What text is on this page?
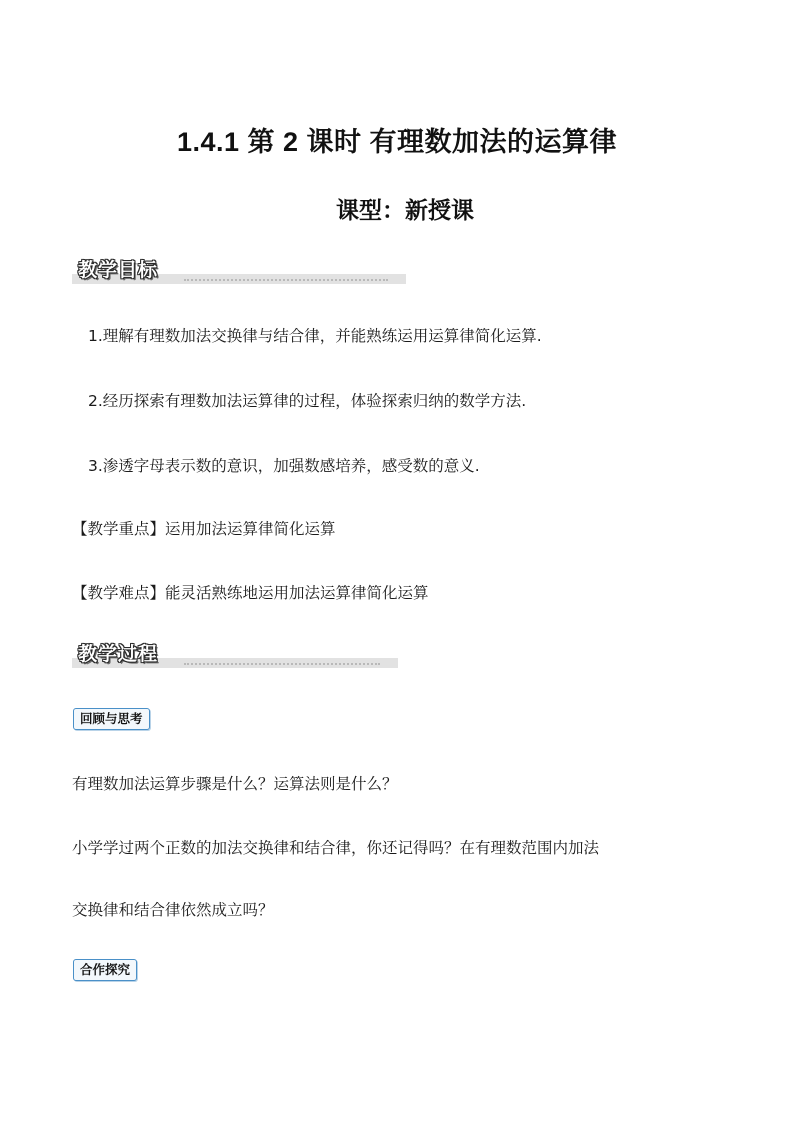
1.4.1 第 2 课时 有理数加法的运算律
课型：新授课
教学目标
1.理解有理数加法交换律与结合律，并能熟练运用运算律简化运算.
2.经历探索有理数加法运算律的过程，体验探索归纳的数学方法.
3.渗透字母表示数的意识，加强数感培养，感受数的意义.
【教学重点】运用加法运算律简化运算
【教学难点】能灵活熟练地运用加法运算律简化运算
教学过程
回顾与思考
有理数加法运算步骤是什么？运算法则是什么？
小学学过两个正数的加法交换律和结合律，你还记得吗？在有理数范围内加法
交换律和结合律依然成立吗？
合作探究
